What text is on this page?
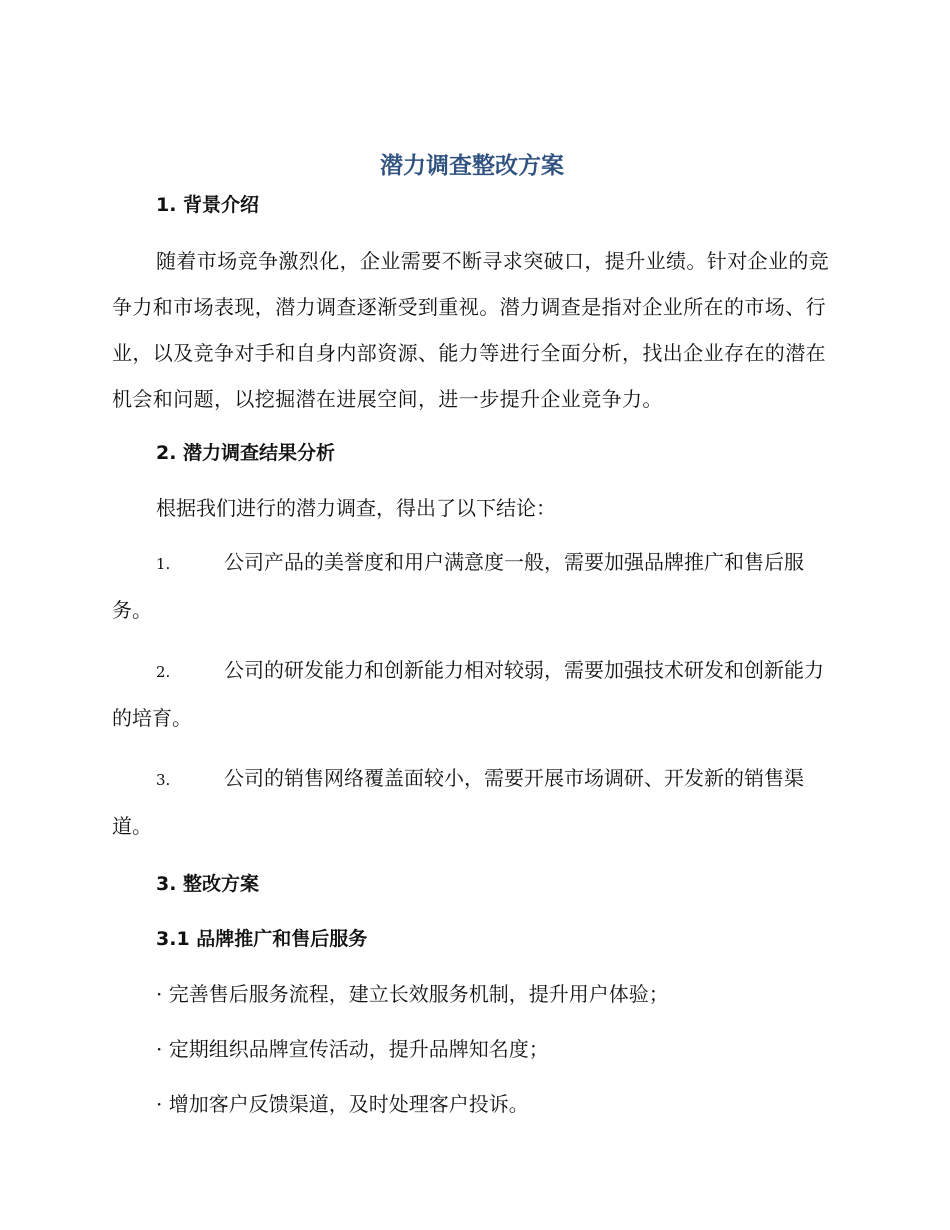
潜力调查整改方案
1. 背景介绍

随着市场竞争激烈化，企业需要不断寻求突破口，提升业绩。针对企业的竞争力和市场表现，潜力调查逐渐受到重视。潜力调查是指对企业所在的市场、行业，以及竞争对手和自身内部资源、能力等进行全面分析，找出企业存在的潜在机会和问题，以挖掘潜在进展空间，进一步提升企业竞争力。

2. 潜力调查结果分析

根据我们进行的潜力调查，得出了以下结论：

1.	公司产品的美誉度和用户满意度一般，需要加强品牌推广和售后服务。

2.	公司的研发能力和创新能力相对较弱，需要加强技术研发和创新能力的培育。

3.	公司的销售网络覆盖面较小，需要开展市场调研、开发新的销售渠道。

3. 整改方案
3.1 品牌推广和售后服务

· 完善售后服务流程，建立长效服务机制，提升用户体验；

· 定期组织品牌宣传活动，提升品牌知名度；

· 增加客户反馈渠道，及时处理客户投诉。
